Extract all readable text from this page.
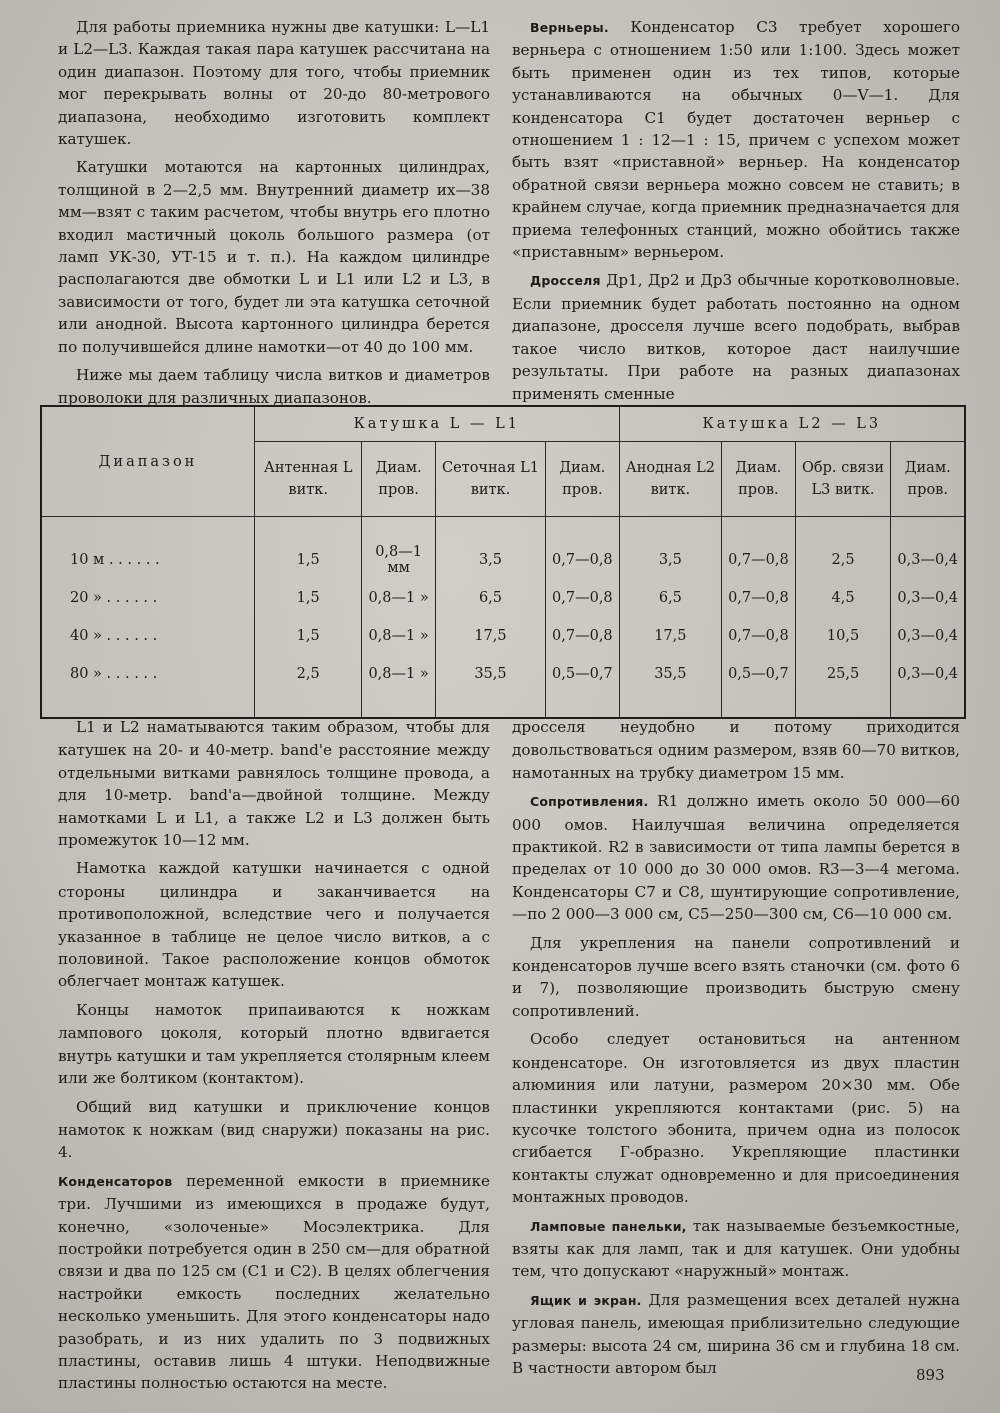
Для работы приемника нужны две катушки: L—L1 и L2—L3. Каждая такая пара катушек рассчитана на один диапазон. Поэтому для того, чтобы приемник мог перекрывать волны от 20-до 80-метрового диапазона, необходимо изготовить комплект катушек.

Катушки мотаются на картонных цилиндрах, толщиной в 2—2,5 мм. Внутренний диаметр их—38 мм—взят с таким расчетом, чтобы внутрь его плотно входил мастичный цоколь большого размера (от ламп УК-30, УТ-15 и т. п.). На каждом цилиндре располагаются две обмотки L и L1 или L2 и L3, в зависимости от того, будет ли эта катушка сеточной или анодной. Высота картонного цилиндра берется по получившейся длине намотки—от 40 до 100 мм.

Ниже мы даем таблицу числа витков и диаметров проволоки для различных диапазонов.

Верньеры. Конденсатор C3 требует хорошего верньера с отношением 1:50 или 1:100. Здесь может быть применен один из тех типов, которые устанавливаются на обычных 0—V—1. Для конденсатора C1 будет достаточен верньер с отношением 1 : 12—1 : 15, причем с успехом может быть взят «приставной» верньер. На конденсатор обратной связи верньера можно совсем не ставить; в крайнем случае, когда приемник предназначается для приема телефонных станций, можно обойтись также «приставным» верньером.

Дросселя Др1, Др2 и Др3 обычные коротковолновые. Если приемник будет работать постоянно на одном диапазоне, дросселя лучше всего подобрать, выбрав такое число витков, которое даст наилучшие результаты. При работе на разных диапазонах применять сменные

Диапазон	Катушка L — L1				Катушка L2 — L3			
	Антенная L витк.	Диам. пров.	Сеточная L1 витк.	Диам. пров.	Анодная L2 витк.	Диам. пров.	Обр. связи L3 витк.	Диам. пров.

10 м . . . . . .	1,5	0,8—1 мм	3,5	0,7—0,8	3,5	0,7—0,8	2,5	0,3—0,4
20 » . . . . . .	1,5	0,8—1 »	6,5	0,7—0,8	6,5	0,7—0,8	4,5	0,3—0,4
40 » . . . . . .	1,5	0,8—1 »	17,5	0,7—0,8	17,5	0,7—0,8	10,5	0,3—0,4
80 » . . . . . .	2,5	0,8—1 »	35,5	0,5—0,7	35,5	0,5—0,7	25,5	0,3—0,4

L1 и L2 наматываются таким образом, чтобы для катушек на 20- и 40-метр. band'е расстояние между отдельными витками равнялось толщине провода, а для 10-метр. band'а—двойной толщине. Между намотками L и L1, а также L2 и L3 должен быть промежуток 10—12 мм.

Намотка каждой катушки начинается с одной стороны цилиндра и заканчивается на противоположной, вследствие чего и получается указанное в таблице не целое число витков, а с половиной. Такое расположение концов обмоток облегчает монтаж катушек.

Концы намоток припаиваются к ножкам лампового цоколя, который плотно вдвигается внутрь катушки и там укрепляется столярным клеем или же болтиком (контактом).

Общий вид катушки и приключение концов намоток к ножкам (вид снаружи) показаны на рис. 4.

Конденсаторов переменной емкости в приемнике три. Лучшими из имеющихся в продаже будут, конечно, «золоченые» Мосэлектрика. Для постройки потребуется один в 250 см—для обратной связи и два по 125 см (C1 и C2). В целях облегчения настройки емкость последних желательно несколько уменьшить. Для этого конденсаторы надо разобрать, и из них удалить по 3 подвижных пластины, оставив лишь 4 штуки. Неподвижные пластины полностью остаются на месте.

дросселя неудобно и потому приходится довольствоваться одним размером, взяв 60—70 витков, намотанных на трубку диаметром 15 мм.

Сопротивления. R1 должно иметь около 50 000—60 000 омов. Наилучшая величина определяется практикой. R2 в зависимости от типа лампы берется в пределах от 10 000 до 30 000 омов. R3—3—4 мегома. Конденсаторы C7 и C8, шунтирующие сопротивление,—по 2 000—3 000 см, C5—250—300 см, C6—10 000 см.

Для укрепления на панели сопротивлений и конденсаторов лучше всего взять станочки (см. фото 6 и 7), позволяющие производить быструю смену сопротивлений.

Особо следует остановиться на антенном конденсаторе. Он изготовляется из двух пластин алюминия или латуни, размером 20×30 мм. Обе пластинки укрепляются контактами (рис. 5) на кусочке толстого эбонита, причем одна из полосок сгибается Г-образно. Укрепляющие пластинки контакты служат одновременно и для присоединения монтажных проводов.

Ламповые панельки, так называемые безъемкостные, взяты как для ламп, так и для катушек. Они удобны тем, что допускают «наружный» монтаж.

Ящик и экран. Для размещения всех деталей нужна угловая панель, имеющая приблизительно следующие размеры: высота 24 см, ширина 36 см и глубина 18 см. В частности автором был	893
